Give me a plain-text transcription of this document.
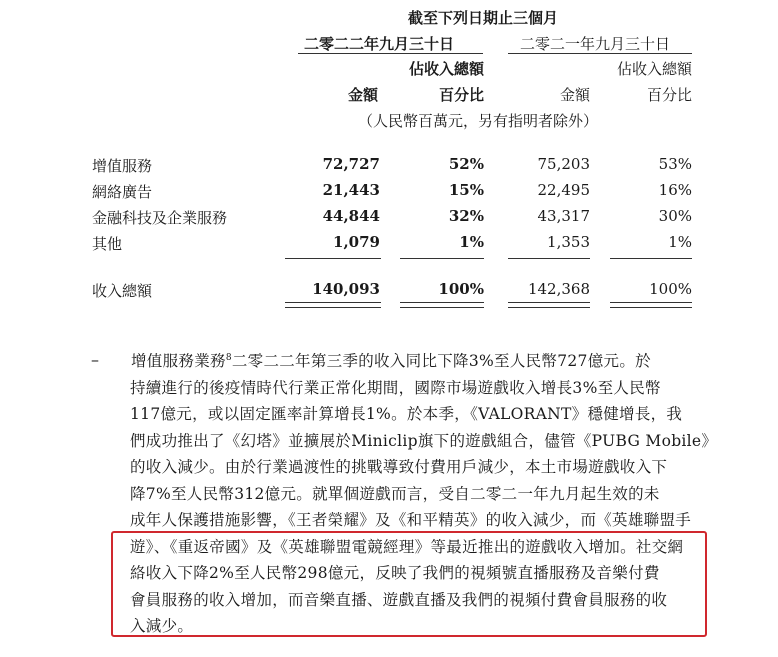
截至下列日期止三個月
二零二二年九月三十日	二零二一年九月三十日
佔收入總額	佔收入總額
金額	百分比	金額	百分比
（人民幣百萬元，另有指明者除外）
增值服務	72,727	52%	75,203	53%
網絡廣告	21,443	15%	22,495	16%
金融科技及企業服務	44,844	32%	43,317	30%
其他	1,079	1%	1,353	1%
收入總額	140,093	100%	142,368	100%
– 增值服務業務$^8$二零二二年第三季的收入同比下降3%至人民幣727億元。於
持續進行的後疫情時代行業正常化期間，國際市場遊戲收入增長3%至人民幣
117億元，或以固定匯率計算增長1%。於本季，《VALORANT》穩健增長，我
們成功推出了《幻塔》並擴展於Miniclip旗下的遊戲組合，儘管《PUBG Mobile》
的收入減少。由於行業過渡性的挑戰導致付費用戶減少，本土市場遊戲收入下
降7%至人民幣312億元。就單個遊戲而言，受自二零二一年九月起生效的未
成年人保護措施影響，《王者榮耀》及《和平精英》的收入減少，而《英雄聯盟手
遊》、《重返帝國》及《英雄聯盟電競經理》等最近推出的遊戲收入增加。社交網
絡收入下降2%至人民幣298億元，反映了我們的視頻號直播服務及音樂付費
會員服務的收入增加，而音樂直播、遊戲直播及我們的視頻付費會員服務的收
入減少。
